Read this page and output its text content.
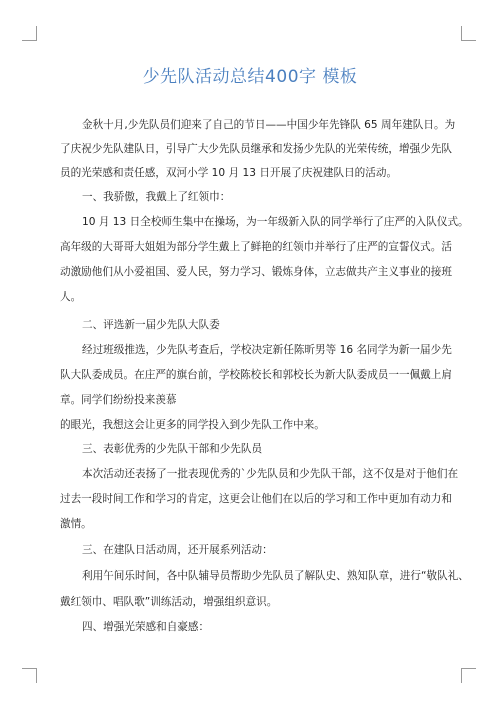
少先队活动总结400字 模板
金秋十月,少先队员们迎来了自己的节日——中国少年先锋队 65 周年建队日。为
了庆祝少先队建队日，引导广大少先队员继承和发扬少先队的光荣传统，增强少先队
员的光荣感和责任感，双河小学 10 月 13 日开展了庆祝建队日的活动。
一、我骄傲，我戴上了红领巾：
10 月 13 日全校师生集中在操场，为一年级新入队的同学举行了庄严的入队仪式。
高年级的大哥哥大姐姐为部分学生戴上了鲜艳的红领巾并举行了庄严的宣誓仪式。活
动激励他们从小爱祖国、爱人民，努力学习、锻炼身体，立志做共产主义事业的接班
人。
二、评选新一届少先队大队委
经过班级推选，少先队考查后，学校决定新任陈昕男等 16 名同学为新一届少先
队大队委成员。在庄严的旗台前，学校陈校长和郭校长为新大队委成员一一佩戴上肩
章。同学们纷纷投来羡慕
的眼光，我想这会让更多的同学投入到少先队工作中来。
三、表彰优秀的少先队干部和少先队员
本次活动还表扬了一批表现优秀的`少先队员和少先队干部，这不仅是对于他们在
过去一段时间工作和学习的肯定，这更会让他们在以后的学习和工作中更加有动力和
激情。
三、在建队日活动周，还开展系列活动：
利用午间乐时间，各中队辅导员帮助少先队员了解队史、熟知队章，进行“敬队礼、
戴红领巾、唱队歌”训练活动，增强组织意识。
四、增强光荣感和自豪感：
